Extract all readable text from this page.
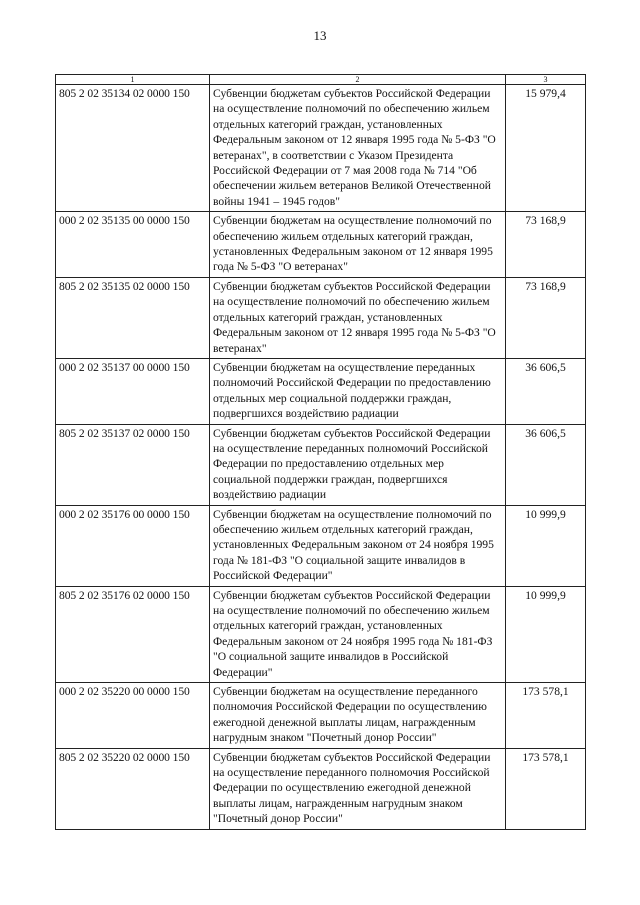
13
1	2	3
805 2 02 35134 02 0000 150	Субвенции бюджетам субъектов Российской Федерации на осуществление полномочий по обеспечению жильем отдельных категорий граждан, установленных Федеральным законом от 12 января 1995 года № 5-ФЗ "О ветеранах", в соответствии с Указом Президента Российской Федерации от 7 мая 2008 года № 714 "Об обеспечении жильем ветеранов Великой Отечественной войны 1941 – 1945 годов"	15 979,4
000 2 02 35135 00 0000 150	Субвенции бюджетам на осуществление полномочий по обеспечению жильем отдельных категорий граждан, установленных Федеральным законом от 12 января 1995 года № 5-ФЗ "О ветеранах"	73 168,9
805 2 02 35135 02 0000 150	Субвенции бюджетам субъектов Российской Федерации на осуществление полномочий по обеспечению жильем отдельных категорий граждан, установленных Федеральным законом от 12 января 1995 года № 5-ФЗ "О ветеранах"	73 168,9
000 2 02 35137 00 0000 150	Субвенции бюджетам на осуществление переданных полномочий Российской Федерации по предоставлению отдельных мер социальной поддержки граждан, подвергшихся воздействию радиации	36 606,5
805 2 02 35137 02 0000 150	Субвенции бюджетам субъектов Российской Федерации на осуществление переданных полномочий Российской Федерации по предоставлению отдельных мер социальной поддержки граждан, подвергшихся воздействию радиации	36 606,5
000 2 02 35176 00 0000 150	Субвенции бюджетам на осуществление полномочий по обеспечению жильем отдельных категорий граждан, установленных Федеральным законом от 24 ноября 1995 года № 181-ФЗ "О социальной защите инвалидов в Российской Федерации"	10 999,9
805 2 02 35176 02 0000 150	Субвенции бюджетам субъектов Российской Федерации на осуществление полномочий по обеспечению жильем отдельных категорий граждан, установленных Федеральным законом от 24 ноября 1995 года № 181-ФЗ "О социальной защите инвалидов в Российской Федерации"	10 999,9
000 2 02 35220 00 0000 150	Субвенции бюджетам на осуществление переданного полномочия Российской Федерации по осуществлению ежегодной денежной выплаты лицам, награжденным нагрудным знаком "Почетный донор России"	173 578,1
805 2 02 35220 02 0000 150	Субвенции бюджетам субъектов Российской Федерации на осуществление переданного полномочия Российской Федерации по осуществлению ежегодной денежной выплаты лицам, награжденным нагрудным знаком "Почетный донор России"	173 578,1
